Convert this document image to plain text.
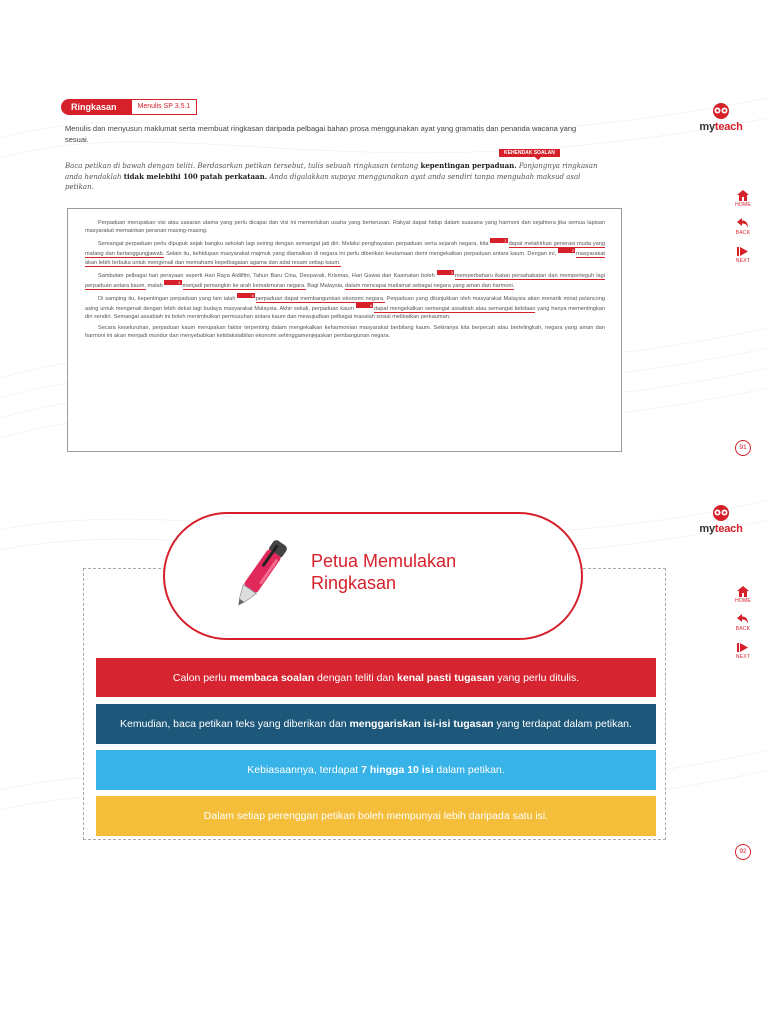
myteach
HOME
BACK
NEXT
Ringkasan	Menulis SP 3.5.1
Menulis dan menyusun maklumat serta membuat ringkasan daripada pelbagai bahan prosa menggunakan ayat yang gramatis dan penanda wacana yang sesuai.
KEHENDAK SOALAN
Baca petikan di bawah dengan teliti. Berdasarkan petikan tersebut, tulis sebuah ringkasan tentang kepentingan perpaduan. Panjangnya ringkasan anda hendaklah tidak melebihi 100 patah perkataan. Anda digalakkan supaya menggunakan ayat anda sendiri tanpa mengubah maksud asal petikan.

Perpaduan merupakan visi atau sasaran utama yang perlu dicapai dan visi ini memerlukan usaha yang berterusan. Rakyat dapat hidup dalam suasana yang harmoni dan sejahtera jika semua lapisan masyarakat memainkan peranan masing-masing.

Semangat perpaduan perlu dipupuk sejak bangku sekolah lagi seiring dengan semangat jati diri. Melalui penghayatan perpaduan serta sejarah negara, kita 1dapat melahirkan generasi muda yang matang dan bertanggungjawab. Selain itu, kehidupan masyarakat majmuk yang diamalkan di negara ini perlu diberikan keutamaan demi mengekalkan perpaduan antara kaum. Dengan ini, 2masyarakat akan lebih terbuka untuk mengenali dan memahami kepelbagaian agama dan adat resam setiap kaum.

Sambutan pelbagai hari perayaan seperti Hari Raya Aidilfitri, Tahun Baru Cina, Deepavali, Krismas, Hari Gawai dan Kaamatan boleh 3memperbaharu ikatan persahabatan dan memperteguh lagi perpaduan antara kaum, malah 4menjadi pemangkin ke arah kemakmuran negara. Bagi Malaysia, dalam mencapai matlamat sebagai negara yang aman dan harmoni.

Di samping itu, kepentingan perpaduan yang lain ialah 5perpaduan dapat membangunkan ekonomi negara. Perpaduan yang ditunjukkan oleh masyarakat Malaysia akan menarik minat pelancong asing untuk mengenali dengan lebih dekat lagi budaya masyarakat Malaysia. Akhir sekali, perpaduan kaum 6dapat mengekalkan semangat assabiah atau semangat kekitaan yang hanya mementingkan diri sendiri. Semangat assabiah ini boleh menimbulkan permusuhan antara kaum dan mewujudkan pelbagai masalah sosial melibatkan perkauman.

Secara keseluruhan, perpaduan kaum merupakan faktor terpenting dalam mengekalkan keharmonian masyarakat berbilang kaum. Sekiranya kita berpecah atau bertelingkah, negara yang aman dan harmoni ini akan menjadi mundur dan menyebabkan ketidakstabilan ekonomi sehinggamenjejaskan pembangunan negara.

91
myteach
HOME
BACK
NEXT
Petua Memulakan Ringkasan
Calon perlu membaca soalan dengan teliti dan kenal pasti tugasan yang perlu ditulis.
Kemudian, baca petikan teks yang diberikan dan menggariskan isi-isi tugasan yang terdapat dalam petikan.
Kebiasaannya, terdapat 7 hingga 10 isi dalam petikan.
Dalam setiap perenggan petikan boleh mempunyai lebih daripada satu isi.
92
